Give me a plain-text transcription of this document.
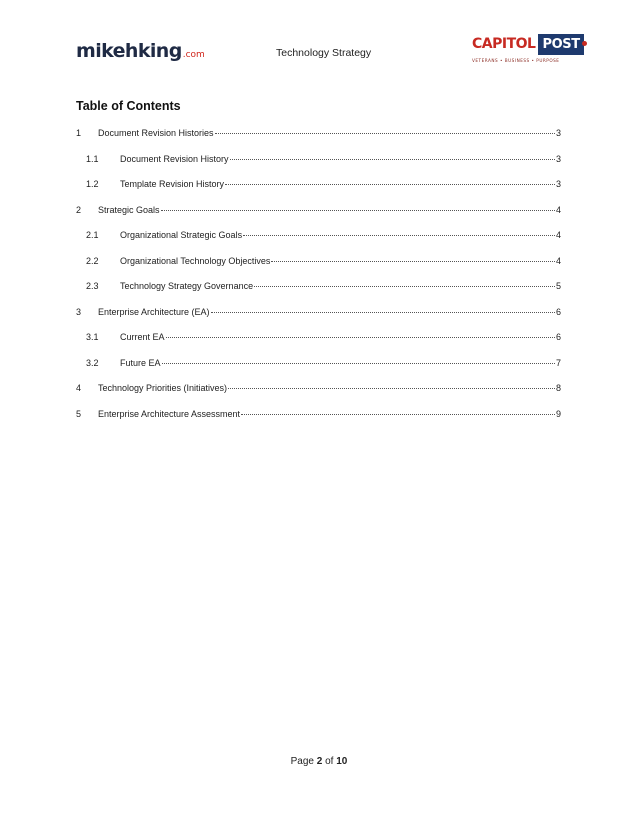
mikehking .com	Technology Strategy
CAPITOL POST
VETERANS • BUSINESS • PURPOSE
Table of Contents
1	Document Revision Histories	3
1.1	Document Revision History	3
1.2	Template Revision History	3
2	Strategic Goals	4
2.1	Organizational Strategic Goals	4
2.2	Organizational Technology Objectives	4
2.3	Technology Strategy Governance	5
3	Enterprise Architecture (EA)	6
3.1	Current EA	6
3.2	Future EA	7
4	Technology Priorities (Initiatives)	8
5	Enterprise Architecture Assessment	9
Page 2 of 10
